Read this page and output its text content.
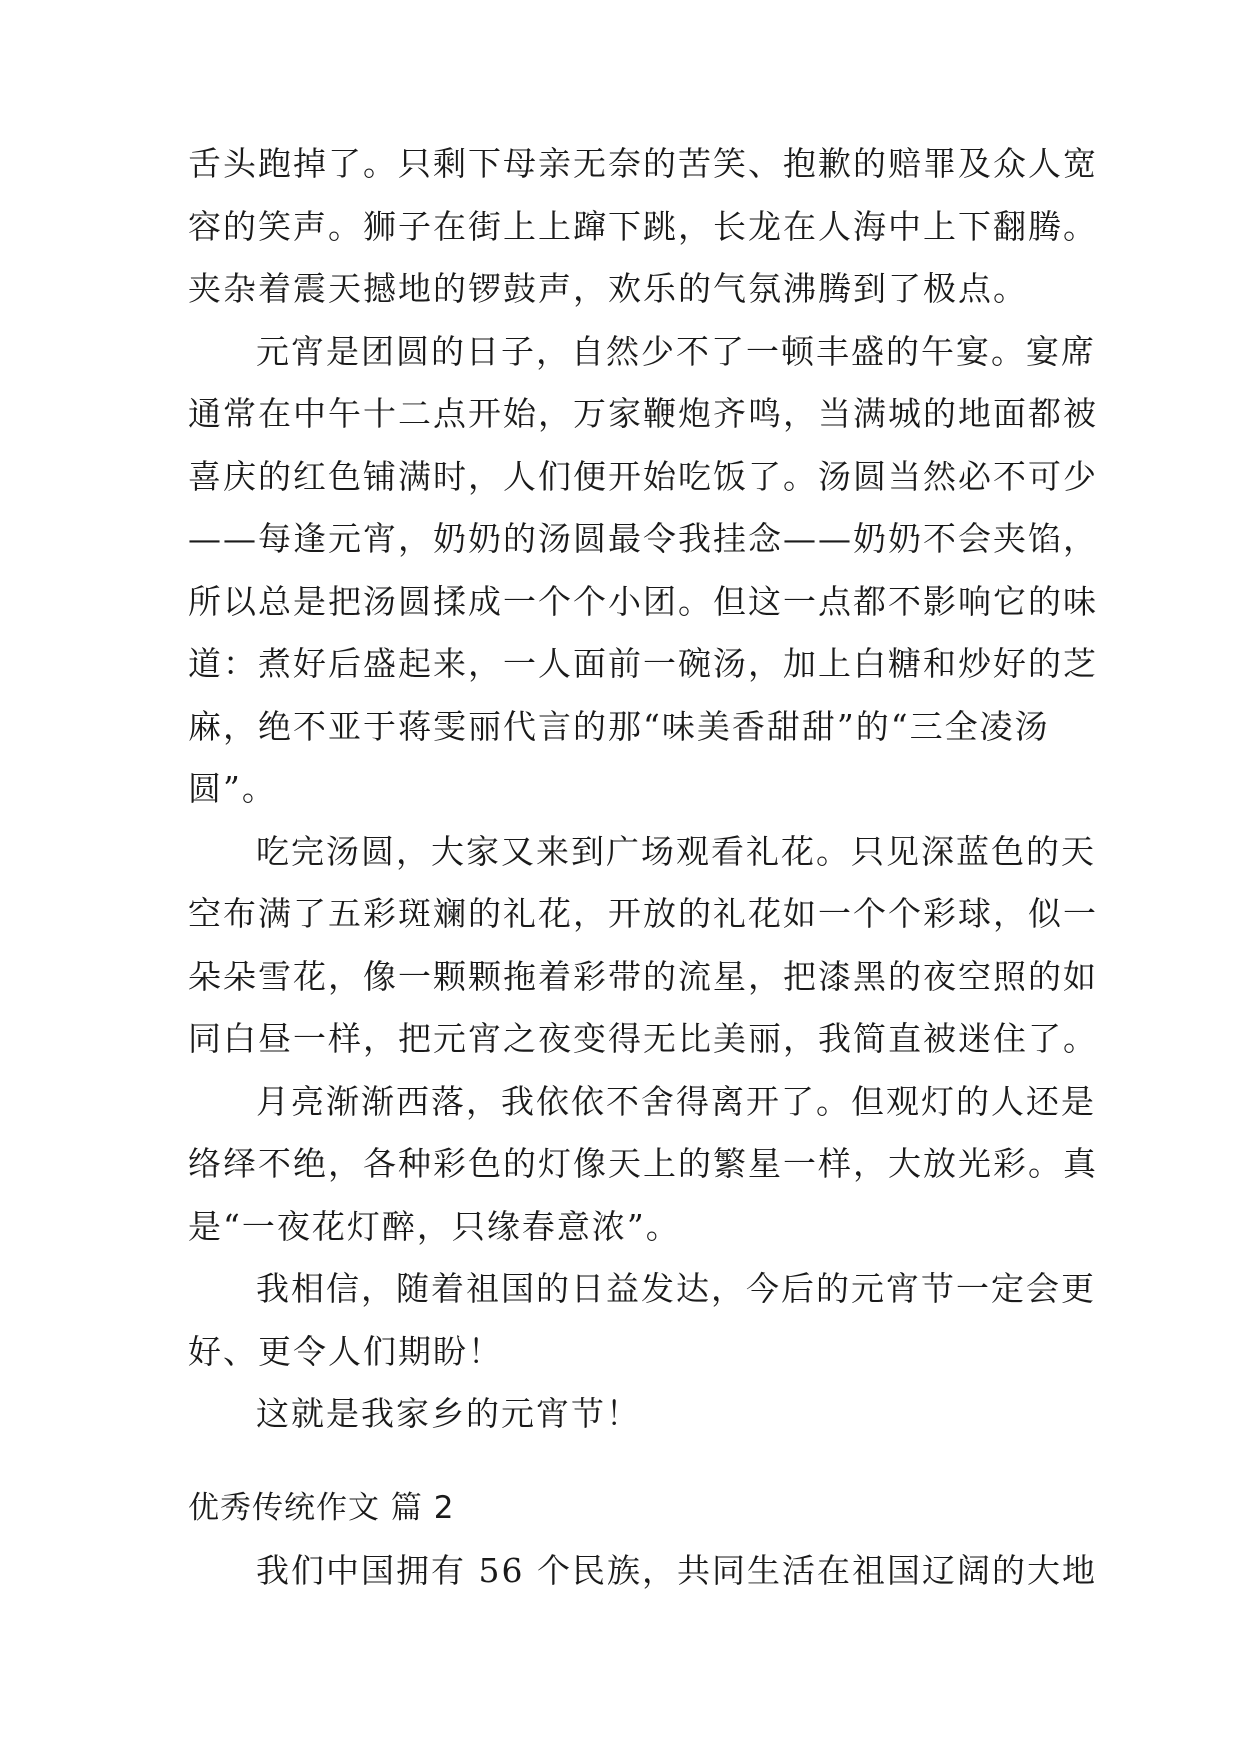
舌头跑掉了。只剩下母亲无奈的苦笑、抱歉的赔罪及众人宽
容的笑声。狮子在街上上蹿下跳，长龙在人海中上下翻腾。
夹杂着震天撼地的锣鼓声，欢乐的气氛沸腾到了极点。
元宵是团圆的日子，自然少不了一顿丰盛的午宴。宴席
通常在中午十二点开始，万家鞭炮齐鸣，当满城的地面都被
喜庆的红色铺满时，人们便开始吃饭了。汤圆当然必不可少
——每逢元宵，奶奶的汤圆最令我挂念——奶奶不会夹馅，
所以总是把汤圆揉成一个个小团。但这一点都不影响它的味
道：煮好后盛起来，一人面前一碗汤，加上白糖和炒好的芝
麻，绝不亚于蒋雯丽代言的那“味美香甜甜”的“三全凌汤
圆”。
吃完汤圆，大家又来到广场观看礼花。只见深蓝色的天
空布满了五彩斑斓的礼花，开放的礼花如一个个彩球，似一
朵朵雪花，像一颗颗拖着彩带的流星，把漆黑的夜空照的如
同白昼一样，把元宵之夜变得无比美丽，我简直被迷住了。
月亮渐渐西落，我依依不舍得离开了。但观灯的人还是
络绎不绝，各种彩色的灯像天上的繁星一样，大放光彩。真
是“一夜花灯醉，只缘春意浓”。
我相信，随着祖国的日益发达，今后的元宵节一定会更
好、更令人们期盼！
这就是我家乡的元宵节！
优秀传统作文 篇 2
我们中国拥有 56 个民族，共同生活在祖国辽阔的大地
